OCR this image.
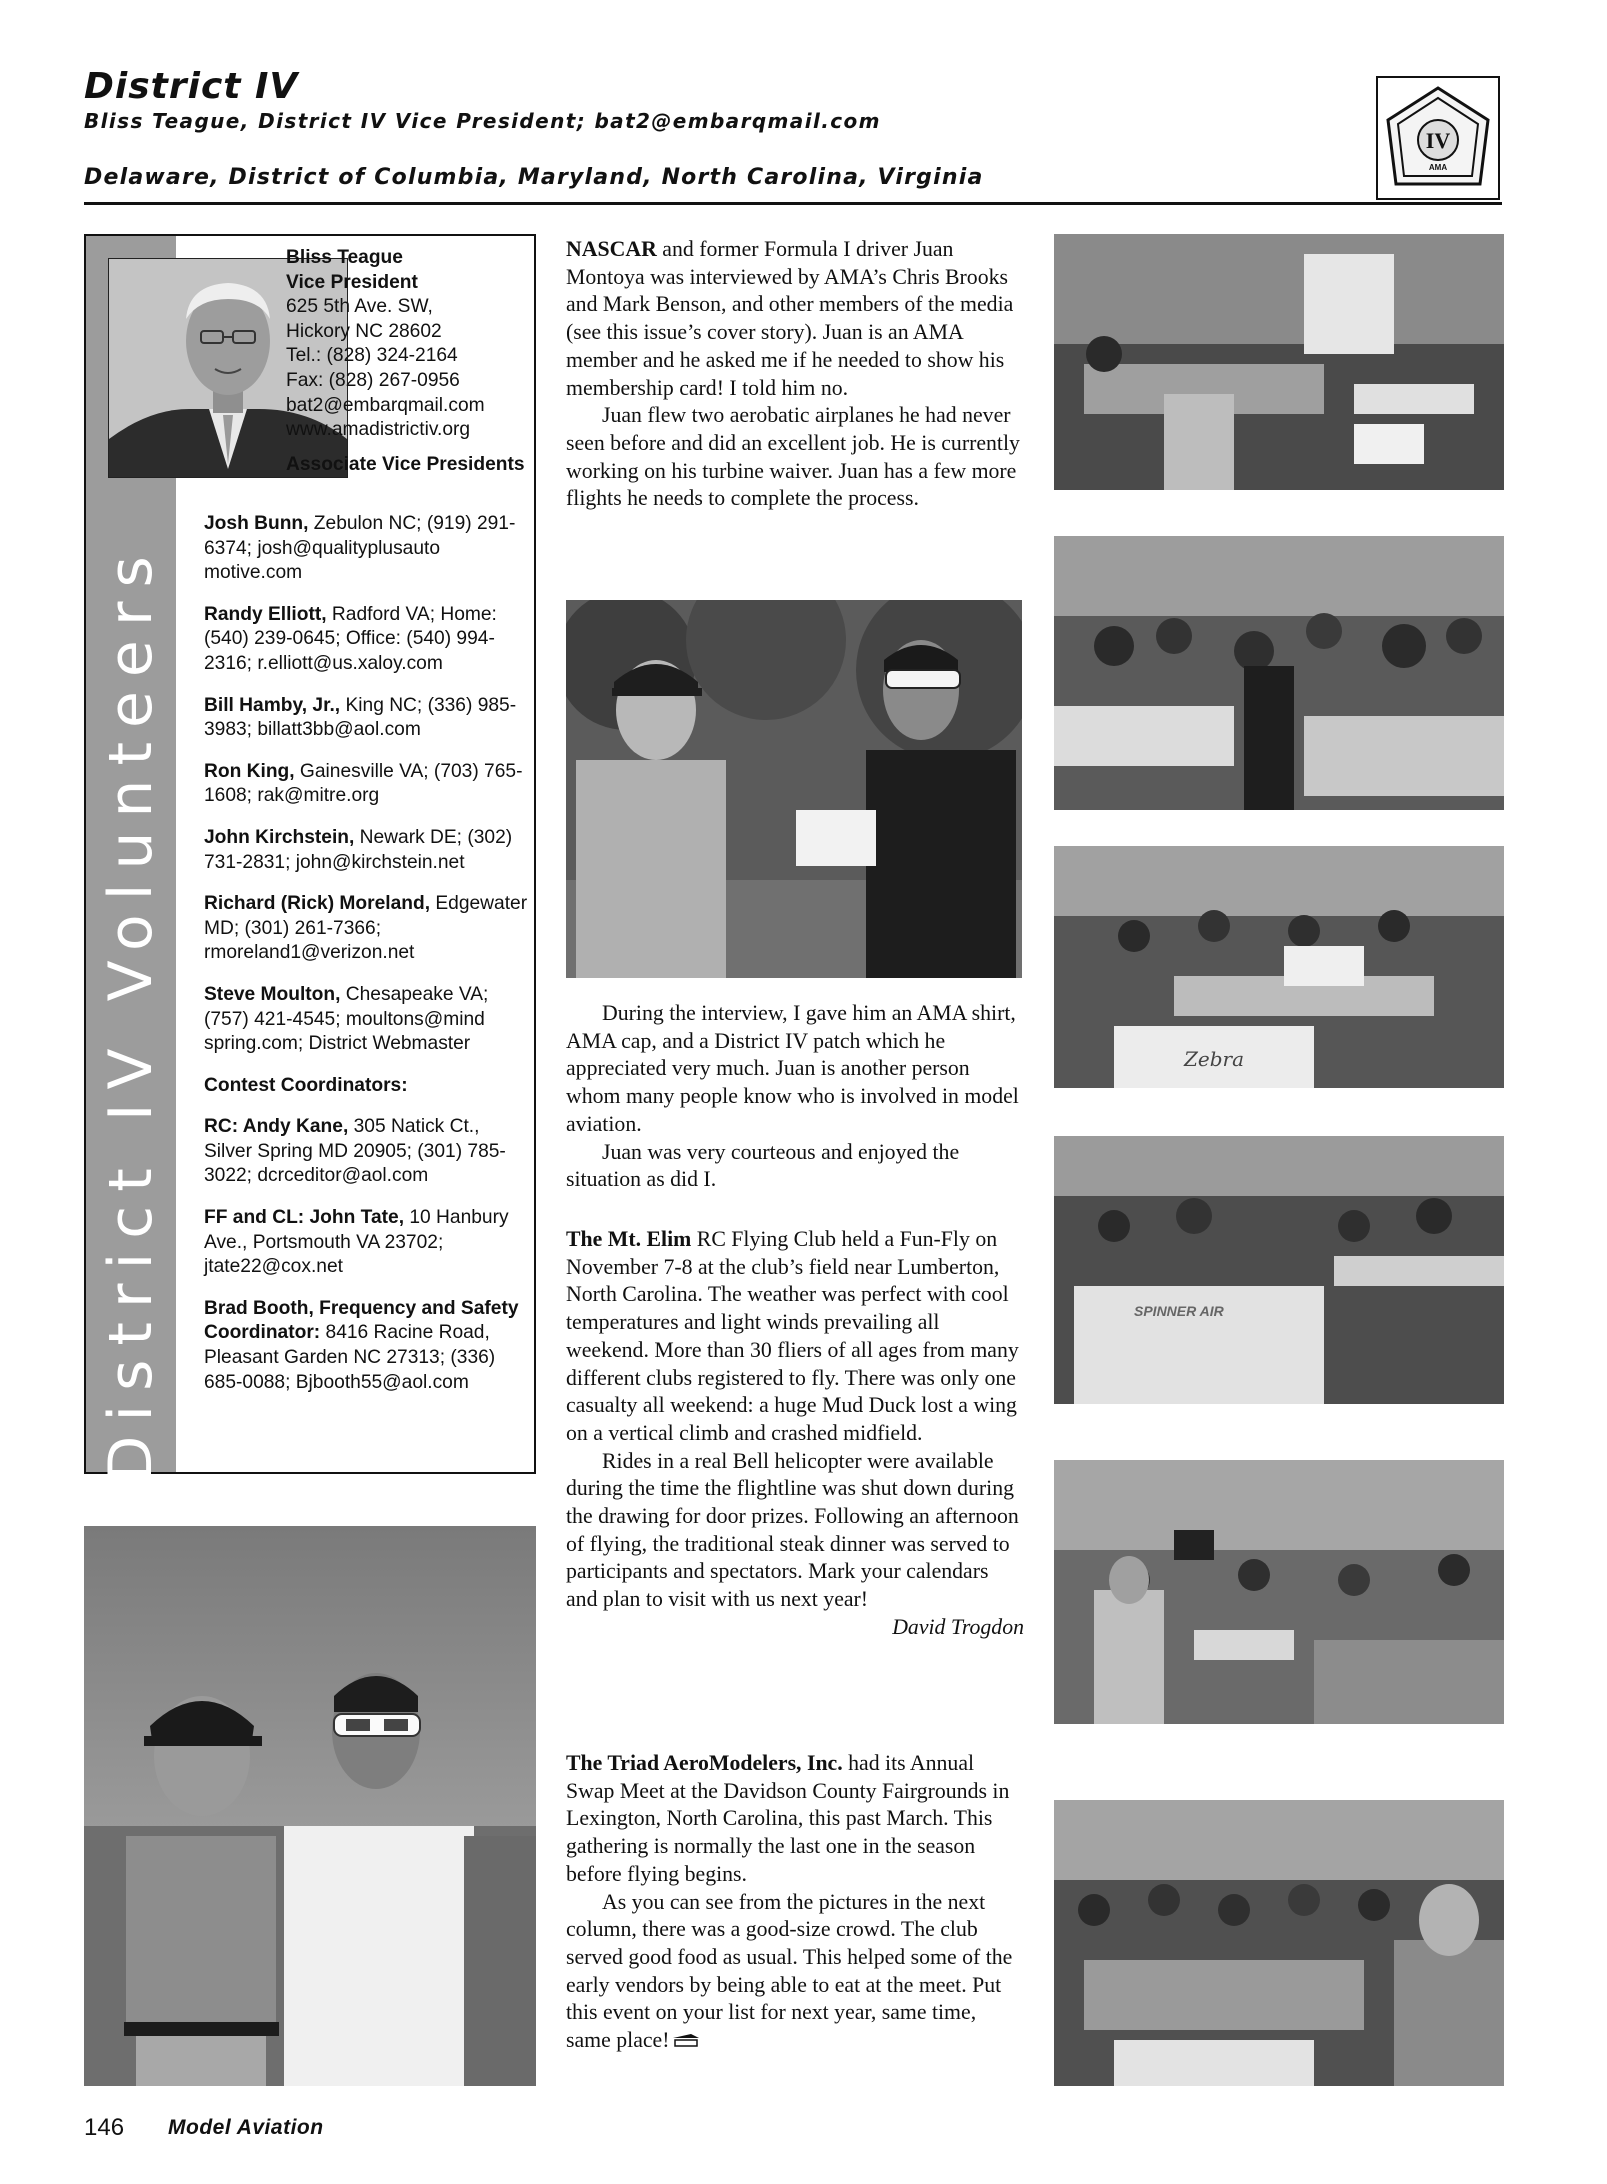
District IV
Bliss Teague, District IV Vice President; bat2@embarqmail.com
Delaware, District of Columbia, Maryland, North Carolina, Virginia
IV
AMA
District IV Volunteers
Bliss Teague
Vice President
625 5th Ave. SW,
Hickory NC 28602
Tel.: (828) 324-2164
Fax: (828) 267-0956
bat2@embarqmail.com
www.amadistrictiv.org
Associate Vice Presidents
Josh Bunn, Zebulon NC; (919) 291-6374; josh@qualityplusauto motive.com
Randy Elliott, Radford VA; Home: (540) 239-0645; Office: (540) 994-2316; r.elliott@us.xaloy.com
Bill Hamby, Jr., King NC; (336) 985-3983; billatt3bb@aol.com
Ron King, Gainesville VA; (703) 765-1608; rak@mitre.org
John Kirchstein, Newark DE; (302) 731-2831; john@kirchstein.net
Richard (Rick) Moreland, Edgewater MD; (301) 261-7366; rmoreland1@verizon.net
Steve Moulton, Chesapeake VA; (757) 421-4545; moultons@mind spring.com; District Webmaster
Contest Coordinators:
RC: Andy Kane, 305 Natick Ct., Silver Spring MD 20905; (301) 785-3022; dcrceditor@aol.com
FF and CL: John Tate, 10 Hanbury Ave., Portsmouth VA 23702; jtate22@cox.net
Brad Booth, Frequency and Safety Coordinator: 8416 Racine Road, Pleasant Garden NC 27313; (336) 685-0088; Bjbooth55@aol.com

NASCAR and former Formula I driver Juan Montoya was interviewed by AMA’s Chris Brooks and Mark Benson, and other members of the media (see this issue’s cover story). Juan is an AMA member and he asked me if he needed to show his membership card! I told him no.

Juan flew two aerobatic airplanes he had never seen before and did an excellent job. He is currently working on his turbine waiver. Juan has a few more flights he needs to complete the process.

During the interview, I gave him an AMA shirt, AMA cap, and a District IV patch which he appreciated very much. Juan is another person whom many people know who is involved in model aviation.

Juan was very courteous and enjoyed the situation as did I.

The Mt. Elim RC Flying Club held a Fun-Fly on November 7-8 at the club’s field near Lumberton, North Carolina. The weather was perfect with cool temperatures and light winds prevailing all weekend. More than 30 fliers of all ages from many different clubs registered to fly. There was only one casualty all weekend: a huge Mud Duck lost a wing on a vertical climb and crashed midfield.

Rides in a real Bell helicopter were available during the time the flightline was shut down during the drawing for door prizes. Following an afternoon of flying, the traditional steak dinner was served to participants and spectators. Mark your calendars and plan to visit with us next year!

David Trogdon

The Triad AeroModelers, Inc. had its Annual Swap Meet at the Davidson County Fairgrounds in Lexington, North Carolina, this past March. This gathering is normally the last one in the season before flying begins.

As you can see from the pictures in the next column, there was a good-size crowd. The club served good food as usual. This helped some of the early vendors by being able to eat at the meet. Put this event on your list for next year, same time, same place!

Zebra
SPINNER AIR
146 Model Aviation
